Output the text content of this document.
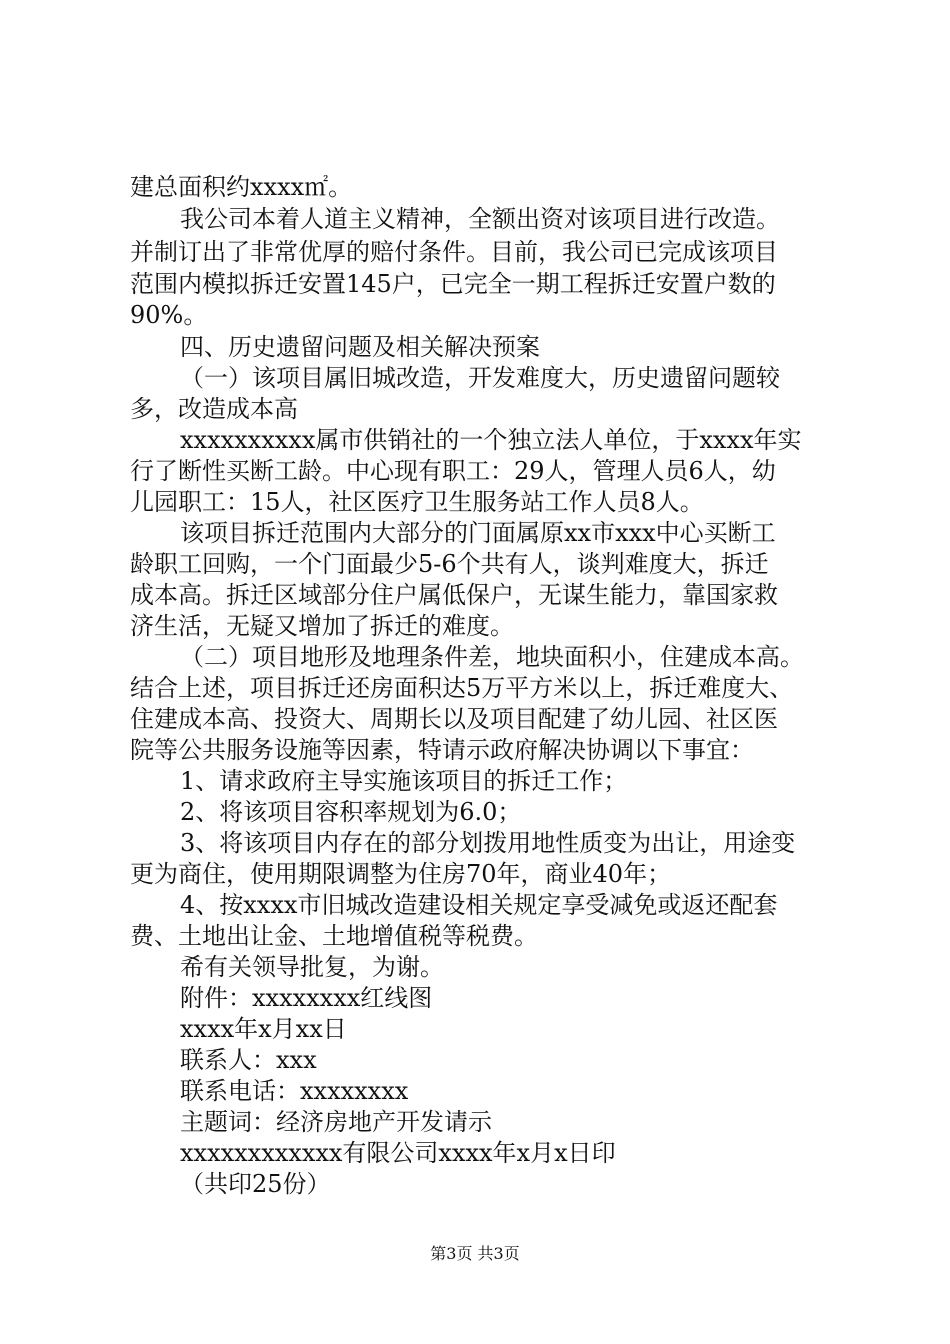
建总面积约xxxx㎡。
我公司本着人道主义精神，全额出资对该项目进行改造。
并制订出了非常优厚的赔付条件。目前，我公司已完成该项目
范围内模拟拆迁安置145户，已完全一期工程拆迁安置户数的
90%。
四、历史遗留问题及相关解决预案
（一）该项目属旧城改造，开发难度大，历史遗留问题较
多，改造成本高
xxxxxxxxxx属市供销社的一个独立法人单位，于xxxx年实
行了断性买断工龄。中心现有职工：29人，管理人员6人，幼
儿园职工：15人，社区医疗卫生服务站工作人员8人。
该项目拆迁范围内大部分的门面属原xx市xxx中心买断工
龄职工回购，一个门面最少5-6个共有人，谈判难度大，拆迁
成本高。拆迁区域部分住户属低保户，无谋生能力，靠国家救
济生活，无疑又增加了拆迁的难度。
（二）项目地形及地理条件差，地块面积小，住建成本高。
结合上述，项目拆迁还房面积达5万平方米以上，拆迁难度大、
住建成本高、投资大、周期长以及项目配建了幼儿园、社区医
院等公共服务设施等因素，特请示政府解决协调以下事宜：
1、请求政府主导实施该项目的拆迁工作；
2、将该项目容积率规划为6.0；
3、将该项目内存在的部分划拨用地性质变为出让，用途变
更为商住，使用期限调整为住房70年，商业40年；
4、按xxxx市旧城改造建设相关规定享受减免或返还配套
费、土地出让金、土地增值税等税费。
希有关领导批复，为谢。
附件：xxxxxxxx红线图
xxxx年x月xx日
联系人：xxx
联系电话：xxxxxxxx
主题词：经济房地产开发请示
xxxxxxxxxxxx有限公司xxxx年x月x日印
（共印25份）
第3页 共3页
